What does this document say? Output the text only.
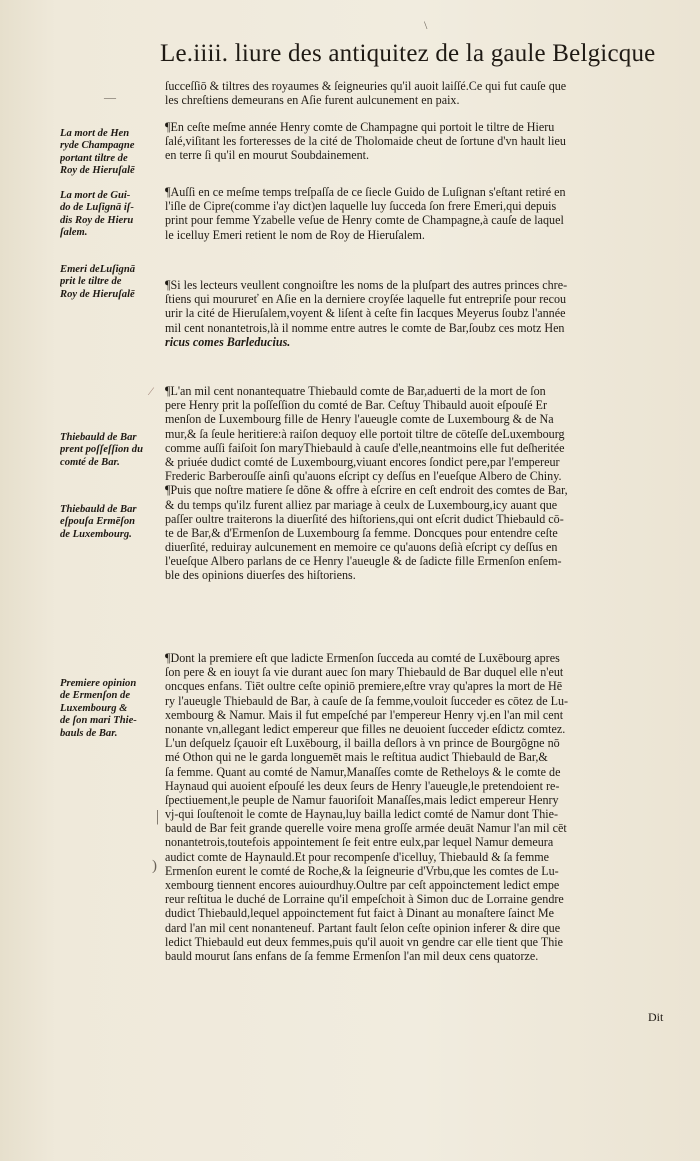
\
Le.iiii. liure des antiquitez de la gaule Belgicque
—
⁄
|
)
ſucceſſiō & tiltres des royaumes & ſeigneuries qu'il auoit laiſſé.Ce qui fut cauſe que
les chreſtiens demeurans en Aſie furent aulcunement en paix.
¶En ceſte meſme année Henry comte de Champagne qui portoit le tiltre de Hieru
ſalé,viſitant les forteresses de la cité de Tholomaide cheut de ſortune d'vn hault lieu
en terre ſi qu'il en mourut Soubdainement.
¶Auſſi en ce meſme temps treſpaſſa de ce ſiecle Guido de Luſignan s'eſtant retiré en
l'iſle de Cipre(comme i'ay dict)en laquelle luy ſucceda ſon frere Emeri,qui depuis
print pour femme Yzabelle veſue de Henry comte de Champagne,à cauſe de laquel
le icelluy Emeri retient le nom de Roy de Hieruſalem.
¶Si les lecteurs veullent congnoiſtre les noms de la pluſpart des autres princes chre-
ſtiens qui mourureť en Aſie en la derniere croyſée laquelle fut entrepriſe pour recou
urir la cité de Hieruſalem,voyent & liſent à ceſte fin Iacques Meyerus ſoubz l'année
mil cent nonantetrois,là il nomme entre autres le comte de Bar,ſoubz ces motz Hen
ricus comes Barleducius.
¶L'an mil cent nonantequatre Thiebauld comte de Bar,aduerti de la mort de ſon
pere Henry prit la poſſeſſion du comté de Bar. Ceſtuy Thibauld auoit eſpouſé Er
menſon de Luxembourg fille de Henry l'aueugle comte de Luxembourg & de Na
mur,& ſa ſeule heritiere:à raiſon dequoy elle portoit tiltre de cōteſſe deLuxembourg
comme auſſi faiſoit ſon maryThiebauld à cauſe d'elle,neantmoins elle fut deſheritée
& priuée dudict comté de Luxembourg,viuant encores ſondict pere,par l'empereur
Frederic Barberouſſe ainſi qu'auons eſcript cy deſſus en l'eueſque Albero de Chiny.
¶Puis que noſtre matiere ſe dõne & offre à eſcrire en ceſt endroit des comtes de Bar,
& du temps qu'ilz furent alliez par mariage à ceulx de Luxembourg,icy auant que
paſſer oultre traiterons la diuerſité des hiſtoriens,qui ont eſcrit dudict Thiebauld cō-
te de Bar,& d'Ermenſon de Luxembourg ſa femme. Doncques pour entendre ceſte
diuerſité, reduiray aulcunement en memoire ce qu'auons deſià eſcript cy deſſus en
l'eueſque Albero parlans de ce Henry l'aueugle & de ſadicte fille Ermenſon enſem-
ble des opinions diuerſes des hiſtoriens.
¶Dont la premiere eſt que ladicte Ermenſon ſucceda au comté de Luxēbourg apres
ſon pere & en iouyt ſa vie durant auec ſon mary Thiebauld de Bar duquel elle n'eut
oncques enfans. Tiēt oultre ceſte opiniō premiere,eſtre vray qu'apres la mort de Hē
ry l'aueugle Thiebauld de Bar, à cauſe de ſa femme,vouloit ſucceder es cōtez de Lu-
xembourg & Namur. Mais il fut empeſché par l'empereur Henry vj.en l'an mil cent
nonante vn,allegant ledict empereur que filles ne deuoient ſucceder eſdictz comtez.
L'un deſquelz ſçauoir eſt Luxēbourg, il bailla deſlors à vn prince de Bourgõgne nō
mé Othon qui ne le garda longuemēt mais le reſtitua audict Thiebauld de Bar,&
ſa femme. Quant au comté de Namur,Manaſſes comte de Retheloys & le comte de
Haynaud qui auoient eſpouſé les deux ſeurs de Henry l'aueugle,le pretendoient re-
ſpectiuement,le peuple de Namur fauoriſoit Manaſſes,mais ledict empereur Henry
vj-qui ſouſtenoit le comte de Haynau,luy bailla ledict comté de Namur dont Thie-
bauld de Bar feit grande querelle voire mena groſſe armée deuāt Namur l'an mil cēt
nonantetrois,toutefois appointement ſe feit entre eulx,par lequel Namur demeura
audict comte de Haynauld.Et pour recompenſe d'icelluy, Thiebauld & ſa femme
Ermenſon eurent le comté de Roche,& la ſeigneurie d'Vrbu,que les comtes de Lu-
xembourg tiennent encores auiourdhuy.Oultre par ceſt appoinctement ledict empe
reur reſtitua le duché de Lorraine qu'il empeſchoit à Simon duc de Lorraine gendre
dudict Thiebauld,lequel appoinctement fut faict à Dinant au monaſtere ſainct Me
dard l'an mil cent nonanteneuf. Partant fault ſelon ceſte opinion inferer & dire que
ledict Thiebauld eut deux femmes,puis qu'il auoit vn gendre car elle tient que Thie
bauld mourut ſans enfans de ſa femme Ermenſon l'an mil deux cens quatorze.
La mort de Hen
ryde Champagne
portant tiltre de
Roy de Hieruſalē
La mort de Gui-
do de Luſignā iſ-
dis Roy de Hieru
ſalem.
Emeri deLuſignā
prit le tiltre de
Roy de Hieruſalē
Thiebauld de Bar
prent poſſeſſion du
comté de Bar.
Thiebauld de Bar
eſpouſa Ermēſon
de Luxembourg.
Premiere opinion
de Ermenſon de
Luxembourg &
de ſon mari Thie-
bauls de Bar.
Dit
